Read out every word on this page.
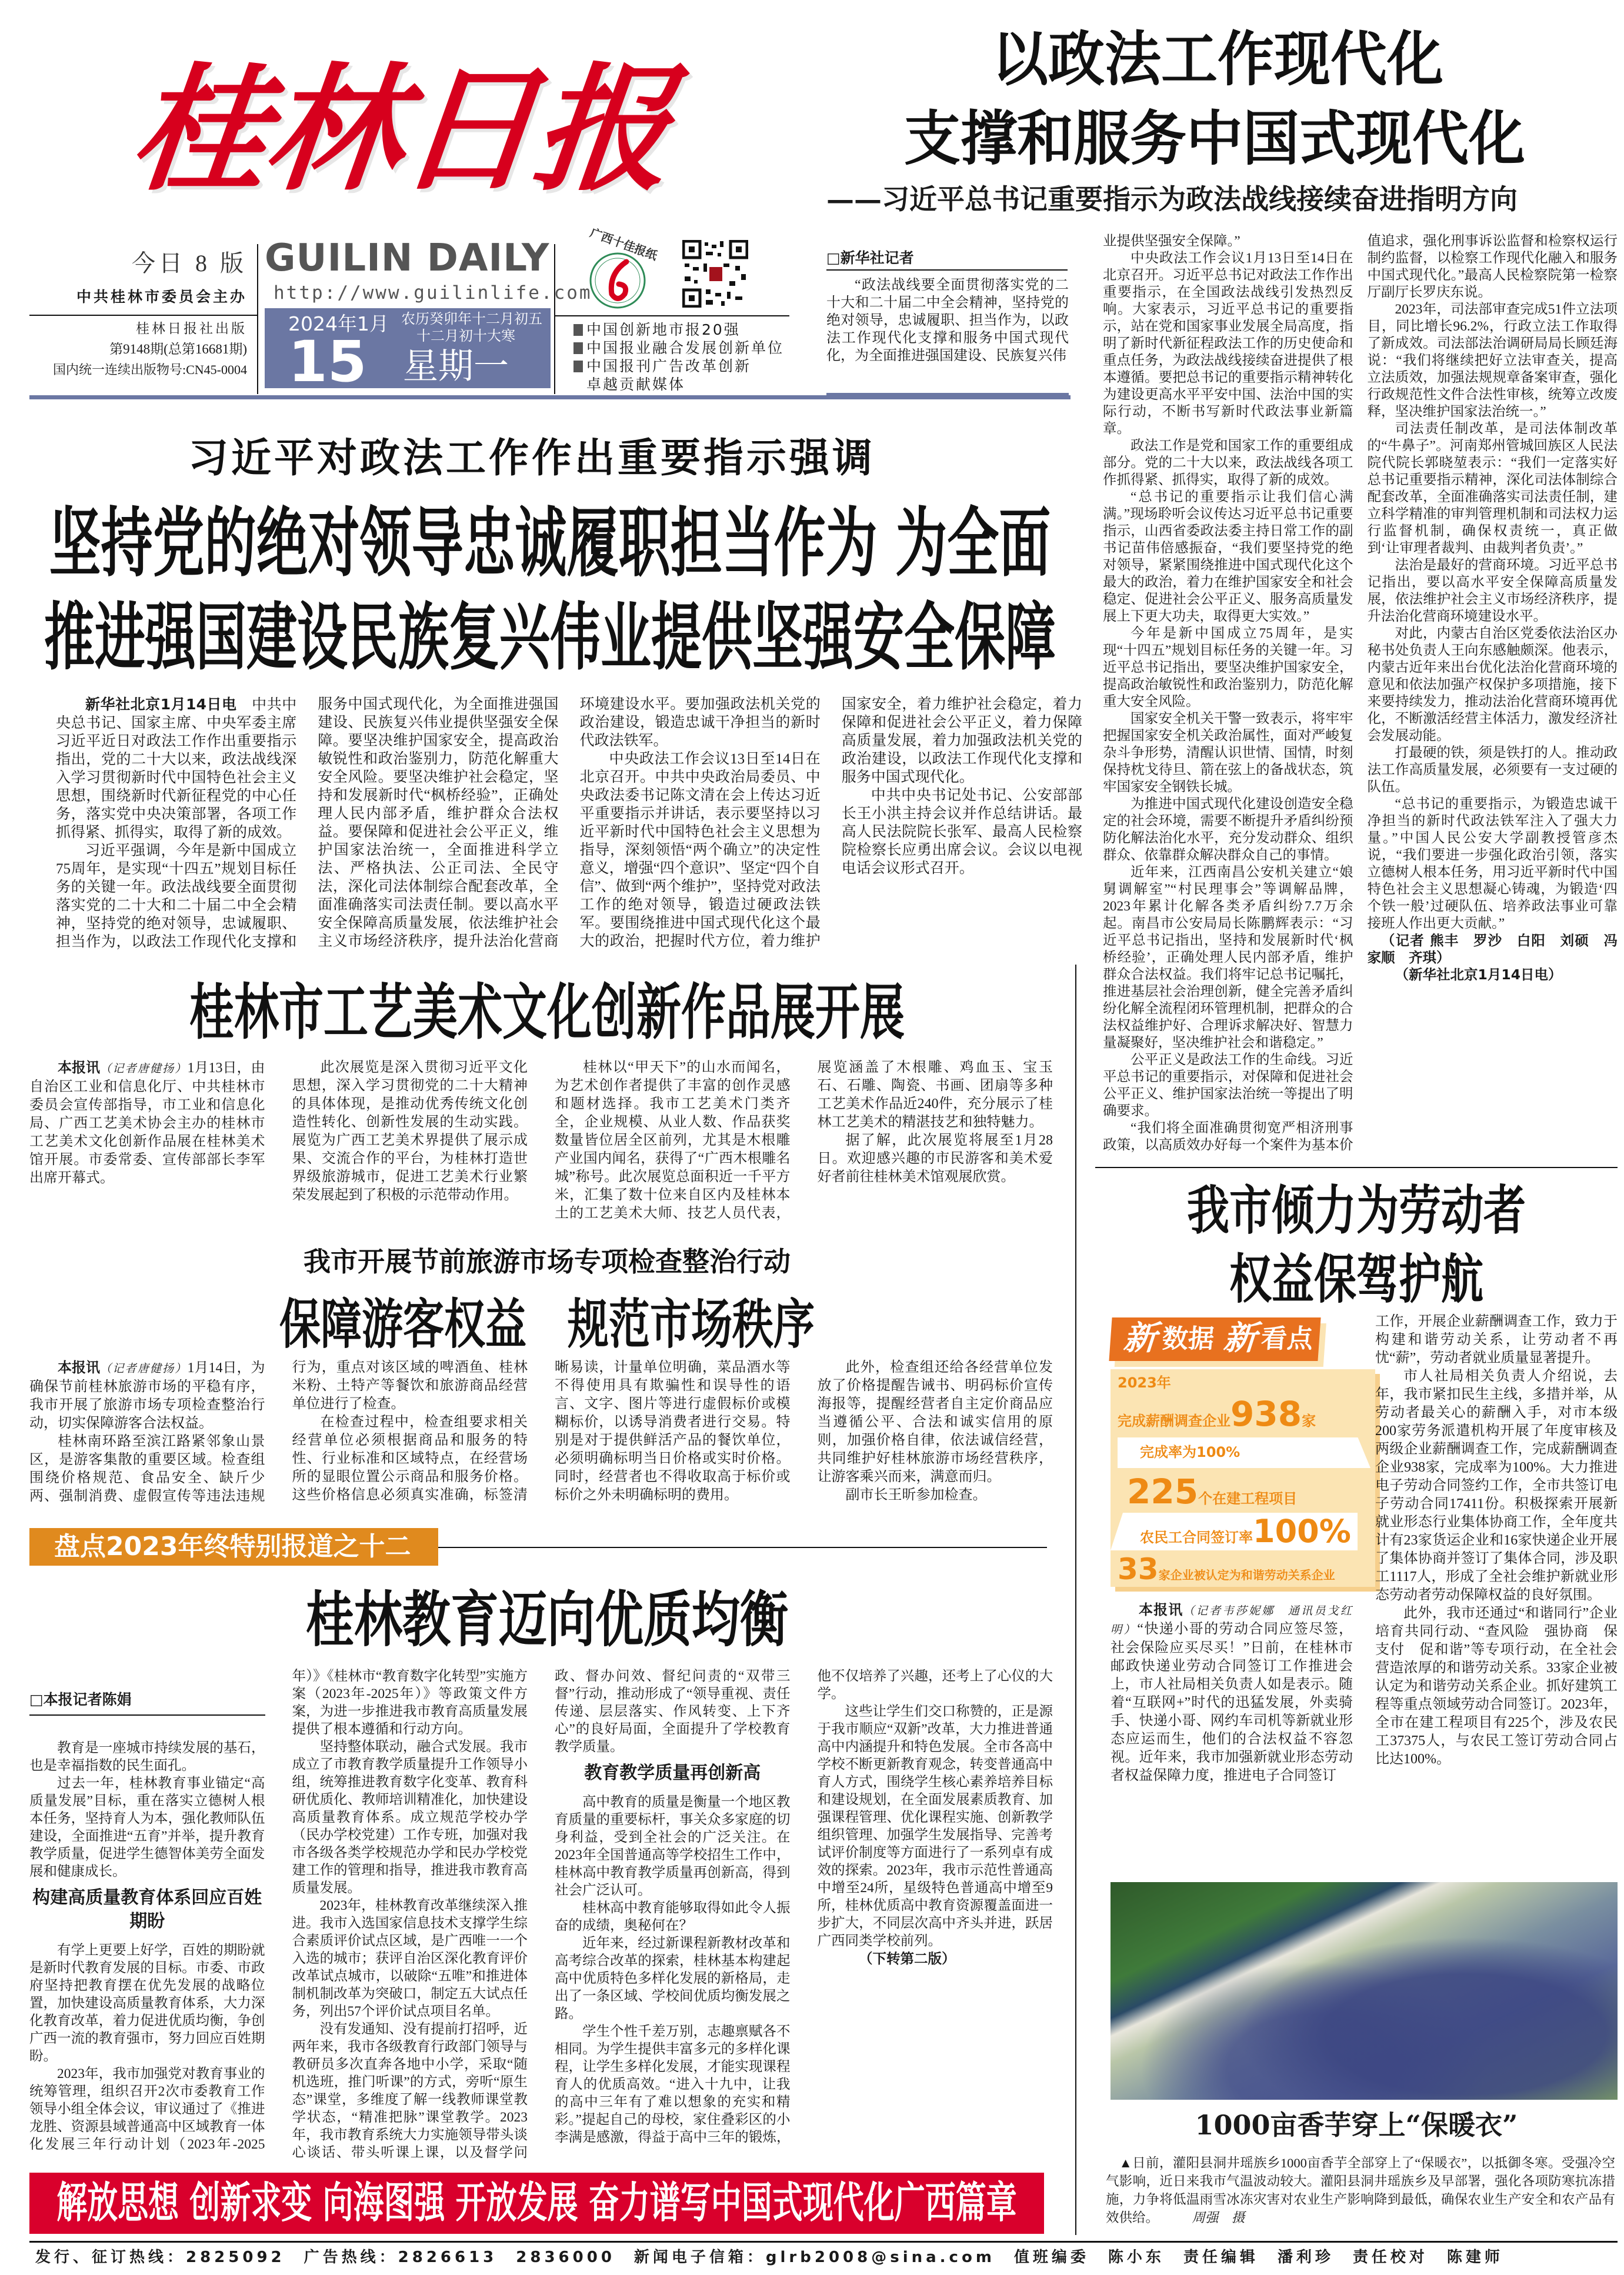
桂林日报
今日 8 版
中共桂林市委员会主办
桂林日报社出版
第9148期(总第16681期)
国内统一连续出版物号:CN45-0004
GUILIN DAILY
http://www.guilinlife.com
2024年1月
15
农历癸卯年十二月初五
十二月初十大寒
星期一
广西十佳报纸
中国创新地市报20强
中国报业融合发展创新单位
中国报刊广告改革创新
卓越贡献媒体
以政法工作现代化
支撑和服务中国式现代化
——习近平总书记重要指示为政法战线接续奋进指明方向
□新华社记者

“政法战线要全面贯彻落实党的二十大和二十届二中全会精神，坚持党的绝对领导，忠诚履职、担当作为，以政法工作现代化支撑和服务中国式现代化，为全面推进强国建设、民族复兴伟

业提供坚强安全保障。”

中央政法工作会议1月13日至14日在北京召开。习近平总书记对政法工作作出重要指示，在全国政法战线引发热烈反响。大家表示，习近平总书记的重要指示，站在党和国家事业发展全局高度，指明了新时代新征程政法工作的历史使命和重点任务，为政法战线接续奋进提供了根本遵循。要把总书记的重要指示精神转化为建设更高水平平安中国、法治中国的实际行动，不断书写新时代政法事业新篇章。

政法工作是党和国家工作的重要组成部分。党的二十大以来，政法战线各项工作抓得紧、抓得实，取得了新的成效。

“总书记的重要指示让我们信心满满。”现场聆听会议传达习近平总书记重要指示，山西省委政法委主持日常工作的副书记苗伟倍感振奋，“我们要坚持党的绝对领导，紧紧围绕推进中国式现代化这个最大的政治，着力在维护国家安全和社会稳定、促进社会公平正义、服务高质量发展上下更大功夫，取得更大实效。”

今年是新中国成立75周年，是实现“十四五”规划目标任务的关键一年。习近平总书记指出，要坚决维护国家安全，提高政治敏锐性和政治鉴别力，防范化解重大安全风险。

国家安全机关干警一致表示，将牢牢把握国家安全机关政治属性，面对严峻复杂斗争形势，清醒认识世情、国情，时刻保持枕戈待旦、箭在弦上的备战状态，筑牢国家安全钢铁长城。

为推进中国式现代化建设创造安全稳定的社会环境，需要不断提升矛盾纠纷预防化解法治化水平，充分发动群众、组织群众、依靠群众解决群众自己的事情。

近年来，江西南昌公安机关建立“娘舅调解室”“村民理事会”等调解品牌，2023年累计化解各类矛盾纠纷7.7万余起。南昌市公安局局长陈鹏辉表示：“习近平总书记指出，坚持和发展新时代‘枫桥经验’，正确处理人民内部矛盾，维护群众合法权益。我们将牢记总书记嘱托，推进基层社会治理创新，健全完善矛盾纠纷化解全流程闭环管理机制，把群众的合法权益维护好、合理诉求解决好、智慧力量凝聚好，坚决维护社会和谐稳定。”

公平正义是政法工作的生命线。习近平总书记的重要指示，对保障和促进社会公平正义、维护国家法治统一等提出了明确要求。

“我们将全面准确贯彻宽严相济刑事政策，以高质效办好每一个案件为基本价值追求，强化刑事诉讼监督和检察权运行制约监督，以检察工作现代化融入和服务中国式现代化。”最高人民检察院第一检察厅副厅长罗庆东说。

2023年，司法部审查完成51件立法项目，同比增长96.2%，行政立法工作取得了新成效。司法部法治调研局局长顾廷海说：“我们将继续把好立法审查关，提高立法质效，加强法规规章备案审查，强化行政规范性文件合法性审核，统筹立改废释，坚决维护国家法治统一。”

司法责任制改革，是司法体制改革的“牛鼻子”。河南郑州管城回族区人民法院代院长郭晓堃表示：“我们一定落实好总书记重要指示精神，深化司法体制综合配套改革，全面准确落实司法责任制，建立科学精准的审判管理机制和司法权力运行监督机制，确保权责统一，真正做到‘让审理者裁判、由裁判者负责’。”

法治是最好的营商环境。习近平总书记指出，要以高水平安全保障高质量发展，依法维护社会主义市场经济秩序，提升法治化营商环境建设水平。

对此，内蒙古自治区党委依法治区办秘书处负责人王向东感触颇深。他表示，内蒙古近年来出台优化法治化营商环境的意见和依法加强产权保护多项措施，接下来要持续发力，推动法治化营商环境再优化，不断激活经营主体活力，激发经济社会发展动能。

打最硬的铁，须是铁打的人。推动政法工作高质量发展，必须要有一支过硬的队伍。

“总书记的重要指示，为锻造忠诚干净担当的新时代政法铁军注入了强大力量。”中国人民公安大学副教授管彦杰说，“我们要进一步强化政治引领，落实立德树人根本任务，用习近平新时代中国特色社会主义思想凝心铸魂，为锻造‘四个铁一般’过硬队伍、培养政法事业可靠接班人作出更大贡献。”

（记者 熊丰　罗沙　白阳　刘硕　冯家顺　齐琪）

（新华社北京1月14日电）

习近平对政法工作作出重要指示强调
坚持党的绝对领导忠诚履职担当作为 为全面
推进强国建设民族复兴伟业提供坚强安全保障

新华社北京1月14日电　 中共中央总书记、国家主席、中央军委主席习近平近日对政法工作作出重要指示指出，党的二十大以来，政法战线深入学习贯彻新时代中国特色社会主义思想，围绕新时代新征程党的中心任务，落实党中央决策部署，各项工作抓得紧、抓得实，取得了新的成效。

习近平强调，今年是新中国成立75周年，是实现“十四五”规划目标任务的关键一年。政法战线要全面贯彻落实党的二十大和二十届二中全会精神，坚持党的绝对领导，忠诚履职、担当作为，以政法工作现代化支撑和服务中国式现代化，为全面推进强国建设、民族复兴伟业提供坚强安全保障。要坚决维护国家安全，提高政治敏锐性和政治鉴别力，防范化解重大安全风险。要坚决维护社会稳定，坚持和发展新时代“枫桥经验”，正确处理人民内部矛盾，维护群众合法权益。要保障和促进社会公平正义，维护国家法治统一，全面推进科学立法、严格执法、公正司法、全民守法，深化司法体制综合配套改革，全面准确落实司法责任制。要以高水平安全保障高质量发展，依法维护社会主义市场经济秩序，提升法治化营商环境建设水平。要加强政法机关党的政治建设，锻造忠诚干净担当的新时代政法铁军。

中央政法工作会议13日至14日在北京召开。中共中央政治局委员、中央政法委书记陈文清在会上传达习近平重要指示并讲话，表示要坚持以习近平新时代中国特色社会主义思想为指导，深刻领悟“两个确立”的决定性意义，增强“四个意识”、坚定“四个自信”、做到“两个维护”，坚持党对政法工作的绝对领导，锻造过硬政法铁军。要围绕推进中国式现代化这个最大的政治，把握时代方位，着力维护国家安全，着力维护社会稳定，着力保障和促进社会公平正义，着力保障高质量发展，着力加强政法机关党的政治建设，以政法工作现代化支撑和服务中国式现代化。

中共中央书记处书记、公安部部长王小洪主持会议并作总结讲话。最高人民法院院长张军、最高人民检察院检察长应勇出席会议。会议以电视电话会议形式召开。

桂林市工艺美术文化创新作品展开展

本报讯（记者唐健扬）1月13日，由自治区工业和信息化厅、中共桂林市委员会宣传部指导，市工业和信息化局、广西工艺美术协会主办的桂林市工艺美术文化创新作品展在桂林美术馆开展。市委常委、宣传部部长李军出席开幕式。

此次展览是深入贯彻习近平文化思想，深入学习贯彻党的二十大精神的具体体现，是推动优秀传统文化创造性转化、创新性发展的生动实践。展览为广西工艺美术界提供了展示成果、交流合作的平台，为桂林打造世界级旅游城市，促进工艺美术行业繁荣发展起到了积极的示范带动作用。

桂林以“甲天下”的山水而闻名，为艺术创作者提供了丰富的创作灵感和题材选择。我市工艺美术门类齐全，企业规模、从业人数、作品获奖数量皆位居全区前列，尤其是木根雕产业国内闻名，获得了“广西木根雕名城”称号。此次展览总面积近一千平方米，汇集了数十位来自区内及桂林本土的工艺美术大师、技艺人员代表，展览涵盖了木根雕、鸡血玉、宝玉石、石雕、陶瓷、书画、团扇等多种工艺美术作品近240件，充分展示了桂林工艺美术的精湛技艺和独特魅力。

据了解，此次展览将展至1月28日。欢迎感兴趣的市民游客和美术爱好者前往桂林美术馆观展欣赏。

我市开展节前旅游市场专项检查整治行动
保障游客权益　规范市场秩序

本报讯（记者唐健扬）1月14日，为确保节前桂林旅游市场的平稳有序，我市开展了旅游市场专项检查整治行动，切实保障游客合法权益。

桂林南环路至滨江路紧邻象山景区，是游客集散的重要区域。检查组围绕价格规范、食品安全、缺斤少两、强制消费、虚假宣传等违法违规行为，重点对该区域的啤酒鱼、桂林米粉、土特产等餐饮和旅游商品经营单位进行了检查。

在检查过程中，检查组要求相关经营单位必须根据商品和服务的特性、行业标准和区域特点，在经营场所的显眼位置公示商品和服务价格。这些价格信息必须真实准确，标签清晰易读，计量单位明确，菜品酒水等不得使用具有欺骗性和误导性的语言、文字、图片等进行虚假标价或模糊标价，以诱导消费者进行交易。特别是对于提供鲜活产品的餐饮单位，必须明确标明当日价格或实时价格。同时，经营者也不得收取高于标价或标价之外未明确标明的费用。

此外，检查组还给各经营单位发放了价格提醒告诫书、明码标价宣传海报等，提醒经营者自主定价商品应当遵循公平、合法和诚实信用的原则，加强价格自律，依法诚信经营，共同维护好桂林旅游市场经营秩序，让游客乘兴而来，满意而归。

副市长王昕参加检查。

盘点2023年终特别报道之十二
桂林教育迈向优质均衡
□本报记者陈娟

教育是一座城市持续发展的基石，也是幸福指数的民生面孔。

过去一年，桂林教育事业锚定“高质量发展”目标，重在落实立德树人根本任务，坚持育人为本，强化教师队伍建设，全面推进“五育”并举，提升教育教学质量，促进学生德智体美劳全面发展和健康成长。

构建高质量教育体系回应百姓期盼

有学上更要上好学，百姓的期盼就是新时代教育发展的目标。市委、市政府坚持把教育摆在优先发展的战略位置，加快建设高质量教育体系，大力深化教育改革，着力促进优质均衡，争创广西一流的教育强市，努力回应百姓期盼。

2023年，我市加强党对教育事业的统筹管理，组织召开2次市委教育工作领导小组全体会议，审议通过了《推进龙胜、资源县域普通高中区域教育一体化发展三年行动计划（2023年-2025年）》《桂林市“教育数字化转型”实施方案（2023年-2025年）》等政策文件方案，为进一步推进我市教育高质量发展提供了根本遵循和行动方向。

坚持整体联动，融合式发展。我市成立了市教育教学质量提升工作领导小组，统筹推进教育数字化变革、教育科研优质化、教师培训精准化，加快建设高质量教育体系。成立规范学校办学（民办学校党建）工作专班，加强对我市各级各类学校规范办学和民办学校党建工作的管理和指导，推进我市教育高质量发展。

2023年，桂林教育改革继续深入推进。我市入选国家信息技术支撑学生综合素质评价试点区域，是广西唯一一个入选的城市；获评自治区深化教育评价改革试点城市，以破除“五唯”和推进体制机制改革为突破口，制定五大试点任务，列出57个评价试点项目名单。

没有发通知、没有提前打招呼，近两年来，我市各级教育行政部门领导与教研员多次直奔各地中小学，采取“随机选班，推门听课”的方式，旁听“原生态”课堂，多维度了解一线教师课堂教学状态，“精准把脉”课堂教学。2023年，我市教育系统大力实施领导带头谈心谈话、带头听课上课，以及督学问政、督办问效、督纪问责的“双带三督”行动，推动形成了“领导重视、责任传递、层层落实、作风转变、上下齐心”的良好局面，全面提升了学校教育教学质量。

教育教学质量再创新高

高中教育的质量是衡量一个地区教育质量的重要标杆，事关众多家庭的切身利益，受到全社会的广泛关注。在2023年全国普通高等学校招生工作中，桂林高中教育教学质量再创新高，得到社会广泛认可。

桂林高中教育能够取得如此令人振奋的成绩，奥秘何在？

近年来，经过新课程新教材改革和高考综合改革的探索，桂林基本构建起高中优质特色多样化发展的新格局，走出了一条区域、学校间优质均衡发展之路。

学生个性千差万别，志趣禀赋各不相同。为学生提供丰富多元的多样化课程，让学生多样化发展，才能实现课程育人的优质高效。“进入十九中，让我的高中三年有了难以想象的充实和精彩。”提起自己的母校，家住叠彩区的小李满是感激，得益于高中三年的锻炼，他不仅培养了兴趣，还考上了心仪的大学。

这些让学生们交口称赞的，正是源于我市顺应“双新”改革，大力推进普通高中内涵提升和特色发展。全市各高中学校不断更新教育观念，转变普通高中育人方式，围绕学生核心素养培养目标和建设规划，在全面发展素质教育、加强课程管理、优化课程实施、创新教学组织管理、加强学生发展指导、完善考试评价制度等方面进行了一系列卓有成效的探索。2023年，我市示范性普通高中增至24所，星级特色普通高中增至9所，桂林优质高中教育资源覆盖面进一步扩大，不同层次高中齐头并进，跃居广西同类学校前列。

（下转第二版）

解放思想 创新求变 向海图强 开放发展 奋力谱写中国式现代化广西篇章
我市倾力为劳动者
权益保驾护航
新 数据 新 看点
2023年
完成薪酬调查企业938家
完成率为100%
225个在建工程项目
农民工合同签订率100%
33家企业被认定为和谐劳动关系企业

本报讯（记者韦莎妮娜　通讯员戈红明）“快递小哥的劳动合同应签尽签，社会保险应买尽买！”日前，在桂林市邮政快递业劳动合同签订工作推进会上，市人社局相关负责人如是表示。随着“互联网+”时代的迅猛发展，外卖骑手、快递小哥、网约车司机等新就业形态应运而生，他们的合法权益不容忽视。近年来，我市加强新就业形态劳动者权益保障力度，推进电子合同签订

工作，开展企业薪酬调查工作，致力于构建和谐劳动关系，让劳动者不再忧“薪”，劳动者就业质量显著提升。

市人社局相关负责人介绍说，去年，我市紧扣民生主线，多措并举，从劳动者最关心的薪酬入手，对市本级200家劳务派遣机构开展了年度审核及两级企业薪酬调查工作，完成薪酬调查企业938家，完成率为100%。大力推进电子劳动合同签约工作，全市共签订电子劳动合同17411份。积极探索开展新就业形态行业集体协商工作，全年度共计有23家货运企业和16家快递企业开展了集体协商并签订了集体合同，涉及职工1117人，形成了全社会维护新就业形态劳动者劳动保障权益的良好氛围。

此外，我市还通过“和谐同行”企业培育共同行动、“查风险　强协商　保支付　促和谐”等专项行动，在全社会营造浓厚的和谐劳动关系。33家企业被认定为和谐劳动关系企业。抓好建筑工程等重点领域劳动合同签订。2023年，全市在建工程项目有225个，涉及农民工37375人，与农民工签订劳动合同占比达100%。

1000亩香芋穿上“保暖衣”

▲日前，灌阳县洞井瑶族乡1000亩香芋全部穿上了“保暖衣”，以抵御冬寒。受强冷空气影响，近日来我市气温波动较大。灌阳县洞井瑶族乡及早部署，强化各项防寒抗冻措施，力争将低温雨雪冰冻灾害对农业生产影响降到最低，确保农业生产安全和农产品有效供给。　　　	周强　摄

发行、征订热线：2825092　广告热线：2826613　2836000　新闻电子信箱：glrb2008@sina.com　值班编委　陈小东　责任编辑　潘利珍　责任校对　陈建师
